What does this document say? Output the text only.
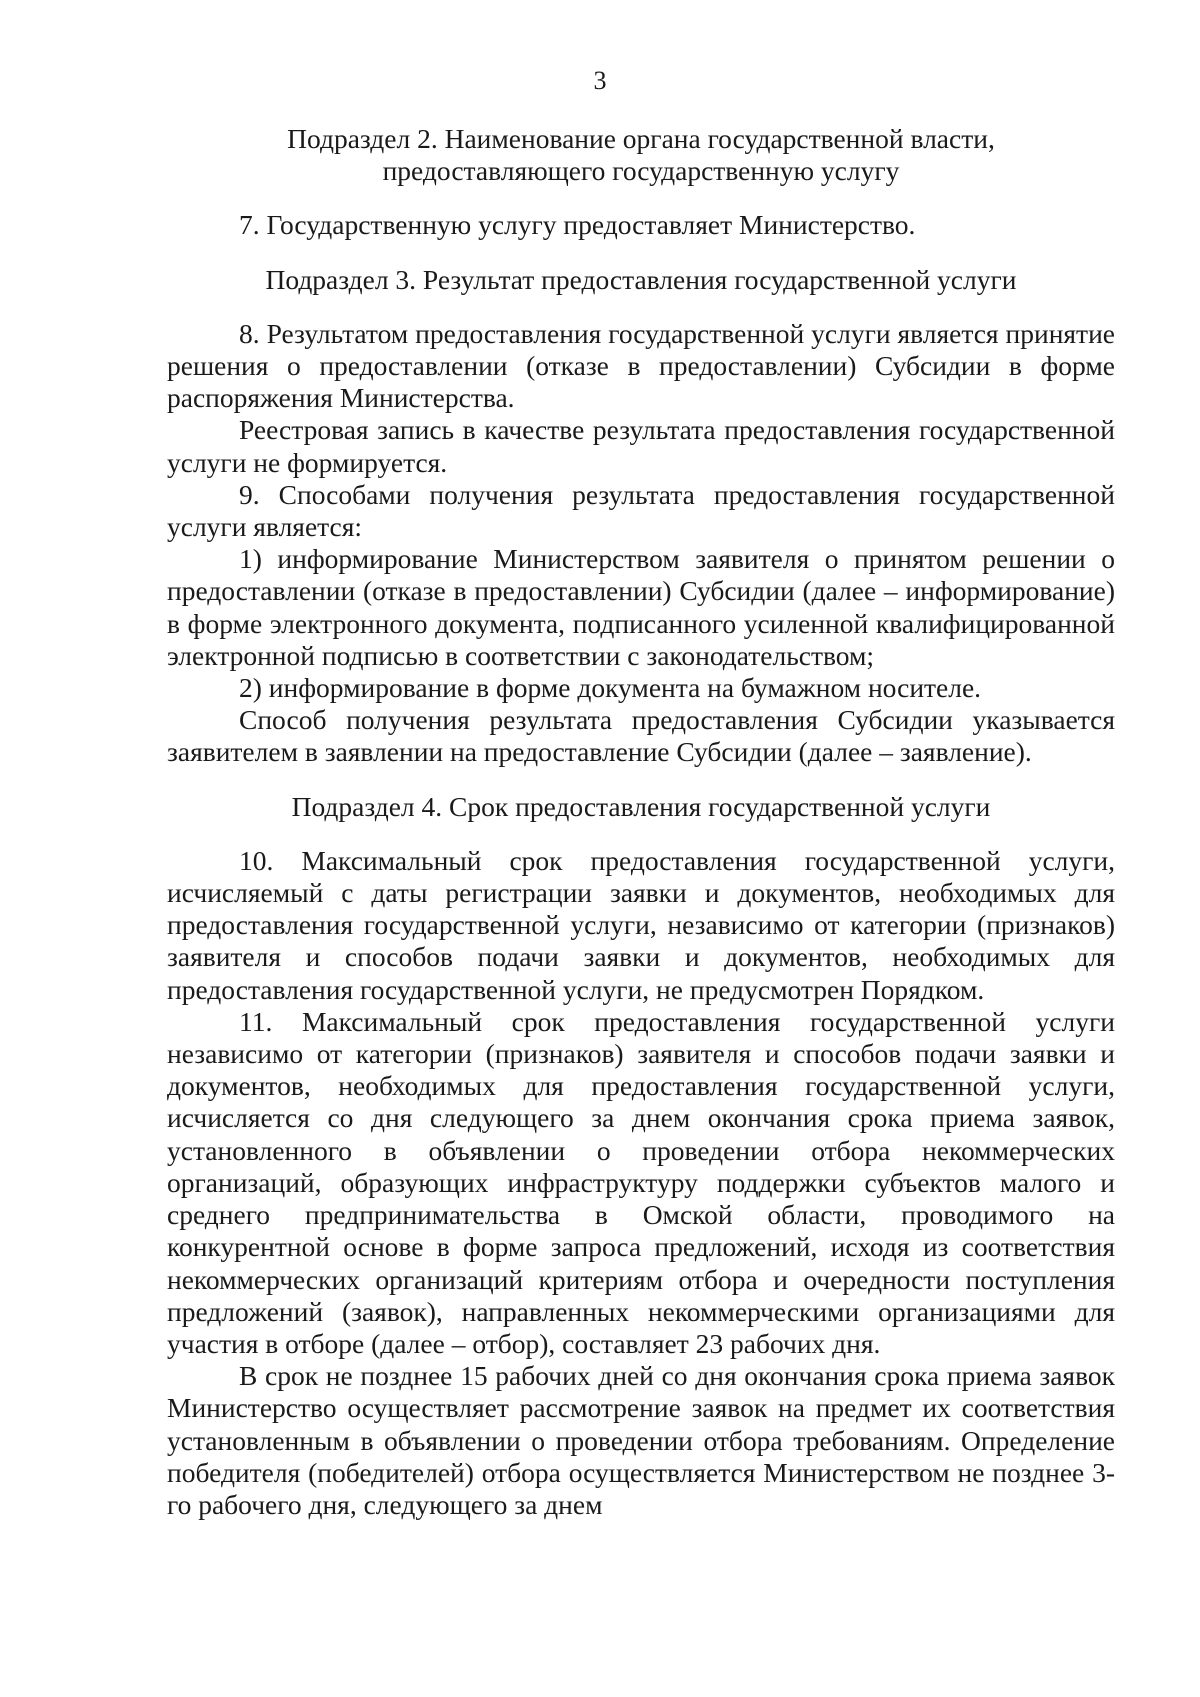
3
Подраздел 2. Наименование органа государственной власти,
предоставляющего государственную услугу

7. Государственную услугу предоставляет Министерство.

Подраздел 3. Результат предоставления государственной услуги

8. Результатом предоставления государственной услуги является принятие решения о предоставлении (отказе в предоставлении) Субсидии в форме распоряжения Министерства.

Реестровая запись в качестве результата предоставления государственной услуги не формируется.

9. Способами получения результата предоставления государственной услуги является:

1) информирование Министерством заявителя о принятом решении о предоставлении (отказе в предоставлении) Субсидии (далее – информирование) в форме электронного документа, подписанного усиленной квалифицированной электронной подписью в соответствии с законодательством;

2) информирование в форме документа на бумажном носителе.

Способ получения результата предоставления Субсидии указывается заявителем в заявлении на предоставление Субсидии (далее – заявление).

Подраздел 4. Срок предоставления государственной услуги

10. Максимальный срок предоставления государственной услуги, исчисляемый с даты регистрации заявки и документов, необходимых для предоставления государственной услуги, независимо от категории (признаков) заявителя и способов подачи заявки и документов, необходимых для предоставления государственной услуги, не предусмотрен Порядком.

11. Максимальный срок предоставления государственной услуги независимо от категории (признаков) заявителя и способов подачи заявки и документов, необходимых для предоставления государственной услуги, исчисляется со дня следующего за днем окончания срока приема заявок, установленного в объявлении о проведении отбора некоммерческих организаций, образующих инфраструктуру поддержки субъектов малого и среднего предпринимательства в Омской области, проводимого на конкурентной основе в форме запроса предложений, исходя из соответствия некоммерческих организаций критериям отбора и очередности поступления предложений (заявок), направленных некоммерческими организациями для участия в отборе (далее – отбор), составляет 23 рабочих дня.

В срок не позднее 15 рабочих дней со дня окончания срока приема заявок Министерство осуществляет рассмотрение заявок на предмет их соответствия установленным в объявлении о проведении отбора требованиям. Определение победителя (победителей) отбора осуществляется Министерством не позднее 3-го рабочего дня, следующего за днем
